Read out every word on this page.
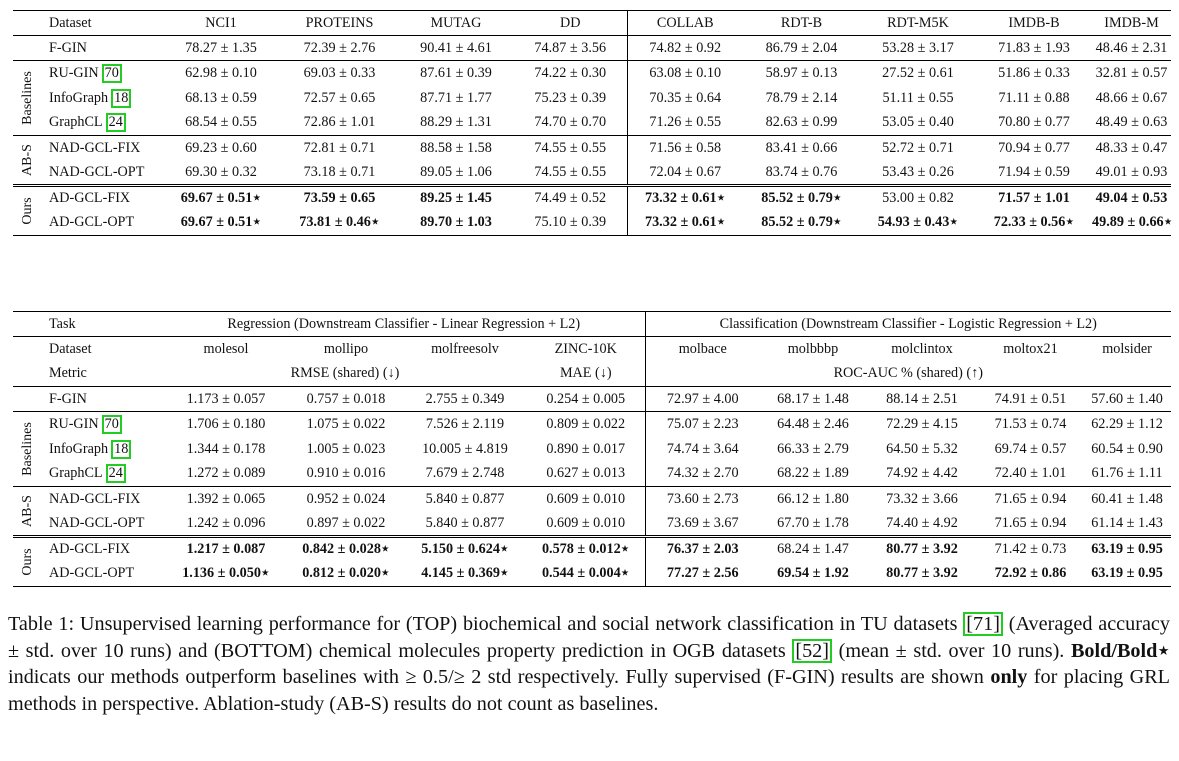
	Dataset	NCI1	PROTEINS	MUTAG	DD	COLLAB	RDT-B	RDT-M5K	IMDB-B	IMDB-M
	F-GIN	78.27 ± 1.35	72.39 ± 2.76	90.41 ± 4.61	74.87 ± 3.56	74.82 ± 0.92	86.79 ± 2.04	53.28 ± 3.17	71.83 ± 1.93	48.46 ± 2.31

Baselines	RU-GIN 70	62.98 ± 0.10	69.03 ± 0.33	87.61 ± 0.39	74.22 ± 0.30	63.08 ± 0.10	58.97 ± 0.13	27.52 ± 0.61	51.86 ± 0.33	32.81 ± 0.57
	InfoGraph 18	68.13 ± 0.59	72.57 ± 0.65	87.71 ± 1.77	75.23 ± 0.39	70.35 ± 0.64	78.79 ± 2.14	51.11 ± 0.55	71.11 ± 0.88	48.66 ± 0.67
	GraphCL 24	68.54 ± 0.55	72.86 ± 1.01	88.29 ± 1.31	74.70 ± 0.70	71.26 ± 0.55	82.63 ± 0.99	53.05 ± 0.40	70.80 ± 0.77	48.49 ± 0.63

AB-S	NAD-GCL-FIX	69.23 ± 0.60	72.81 ± 0.71	88.58 ± 1.58	74.55 ± 0.55	71.56 ± 0.58	83.41 ± 0.66	52.72 ± 0.71	70.94 ± 0.77	48.33 ± 0.47
	NAD-GCL-OPT	69.30 ± 0.32	73.18 ± 0.71	89.05 ± 1.06	74.55 ± 0.55	72.04 ± 0.67	83.74 ± 0.76	53.43 ± 0.26	71.94 ± 0.59	49.01 ± 0.93

Ours	AD-GCL-FIX	69.67 ± 0.51⋆	73.59 ± 0.65	89.25 ± 1.45	74.49 ± 0.52	73.32 ± 0.61⋆	85.52 ± 0.79⋆	53.00 ± 0.82	71.57 ± 1.01	49.04 ± 0.53
	AD-GCL-OPT	69.67 ± 0.51⋆	73.81 ± 0.46⋆	89.70 ± 1.03	75.10 ± 0.39	73.32 ± 0.61⋆	85.52 ± 0.79⋆	54.93 ± 0.43⋆	72.33 ± 0.56⋆	49.89 ± 0.66⋆
	Task	Regression (Downstream Classifier - Linear Regression + L2)				Classification (Downstream Classifier - Logistic Regression + L2)				
	Dataset	molesol	mollipo	molfreesolv	ZINC-10K	molbace	molbbbp	molclintox	moltox21	molsider
	Metric	RMSE (shared) (↓)			MAE (↓)	ROC-AUC % (shared) (↑)				
	F-GIN	1.173 ± 0.057	0.757 ± 0.018	2.755 ± 0.349	0.254 ± 0.005	72.97 ± 4.00	68.17 ± 1.48	88.14 ± 2.51	74.91 ± 0.51	57.60 ± 1.40

Baselines	RU-GIN 70	1.706 ± 0.180	1.075 ± 0.022	7.526 ± 2.119	0.809 ± 0.022	75.07 ± 2.23	64.48 ± 2.46	72.29 ± 4.15	71.53 ± 0.74	62.29 ± 1.12
	InfoGraph 18	1.344 ± 0.178	1.005 ± 0.023	10.005 ± 4.819	0.890 ± 0.017	74.74 ± 3.64	66.33 ± 2.79	64.50 ± 5.32	69.74 ± 0.57	60.54 ± 0.90
	GraphCL 24	1.272 ± 0.089	0.910 ± 0.016	7.679 ± 2.748	0.627 ± 0.013	74.32 ± 2.70	68.22 ± 1.89	74.92 ± 4.42	72.40 ± 1.01	61.76 ± 1.11

AB-S	NAD-GCL-FIX	1.392 ± 0.065	0.952 ± 0.024	5.840 ± 0.877	0.609 ± 0.010	73.60 ± 2.73	66.12 ± 1.80	73.32 ± 3.66	71.65 ± 0.94	60.41 ± 1.48
	NAD-GCL-OPT	1.242 ± 0.096	0.897 ± 0.022	5.840 ± 0.877	0.609 ± 0.010	73.69 ± 3.67	67.70 ± 1.78	74.40 ± 4.92	71.65 ± 0.94	61.14 ± 1.43

Ours	AD-GCL-FIX	1.217 ± 0.087	0.842 ± 0.028⋆	5.150 ± 0.624⋆	0.578 ± 0.012⋆	76.37 ± 2.03	68.24 ± 1.47	80.77 ± 3.92	71.42 ± 0.73	63.19 ± 0.95
	AD-GCL-OPT	1.136 ± 0.050⋆	0.812 ± 0.020⋆	4.145 ± 0.369⋆	0.544 ± 0.004⋆	77.27 ± 2.56	69.54 ± 1.92	80.77 ± 3.92	72.92 ± 0.86	63.19 ± 0.95

Table 1: Unsupervised learning performance for (TOP) biochemical and social network classification in TU datasets [71] (Averaged accuracy ± std. over 10 runs) and (BOTTOM) chemical molecules property prediction in OGB datasets [52] (mean ± std. over 10 runs). Bold/Bold⋆ indicats our methods outperform baselines with ≥ 0.5/≥ 2 std respectively. Fully supervised (F-GIN) results are shown only for placing GRL methods in perspective. Ablation-study (AB-S) results do not count as baselines.
